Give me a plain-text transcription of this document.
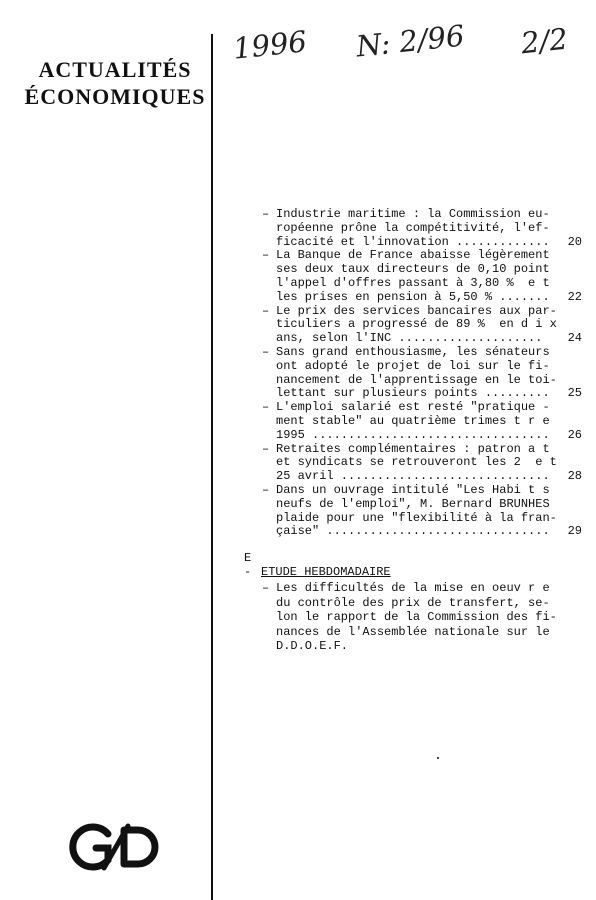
ACTUALITÉS
ÉCONOMIQUES
1996 N: 2/96 2/2
– Industrie maritime : la Commission eu-
ropéenne prône la compétitivité, l'ef-
ficacité et l'innovation .............	20
– La Banque de France abaisse légèrement
ses deux taux directeurs de 0,10 point
l'appel d'offres passant à 3,80 %  e t
les prises en pension à 5,50 % .......	22
– Le prix des services bancaires aux par-
ticuliers a progressé de 89 %  en d i x
ans, selon l'INC ....................	24
– Sans grand enthousiasme, les sénateurs
ont adopté le projet de loi sur le fi-
nancement de l'apprentissage en le toi-
lettant sur plusieurs points .........	25
– L'emploi salarié est resté "pratique -
ment stable" au quatrième trimes t r e
1995 .................................	26
– Retraites complémentaires : patron a t
et syndicats se retrouveront les 2  e t
25 avril .............................	28
– Dans un ouvrage intitulé "Les Habi t s
neufs de l'emploi", M. Bernard BRUNHES
plaide pour une "flexibilité à la fran-
çaise" ...............................	29
E - ETUDE HEBDOMADAIRE
– Les difficultés de la mise en oeuv r e
du contrôle des prix de transfert, se-
lon le rapport de la Commission des fi-
nances de l'Assemblée nationale sur le
D.D.O.E.F.
